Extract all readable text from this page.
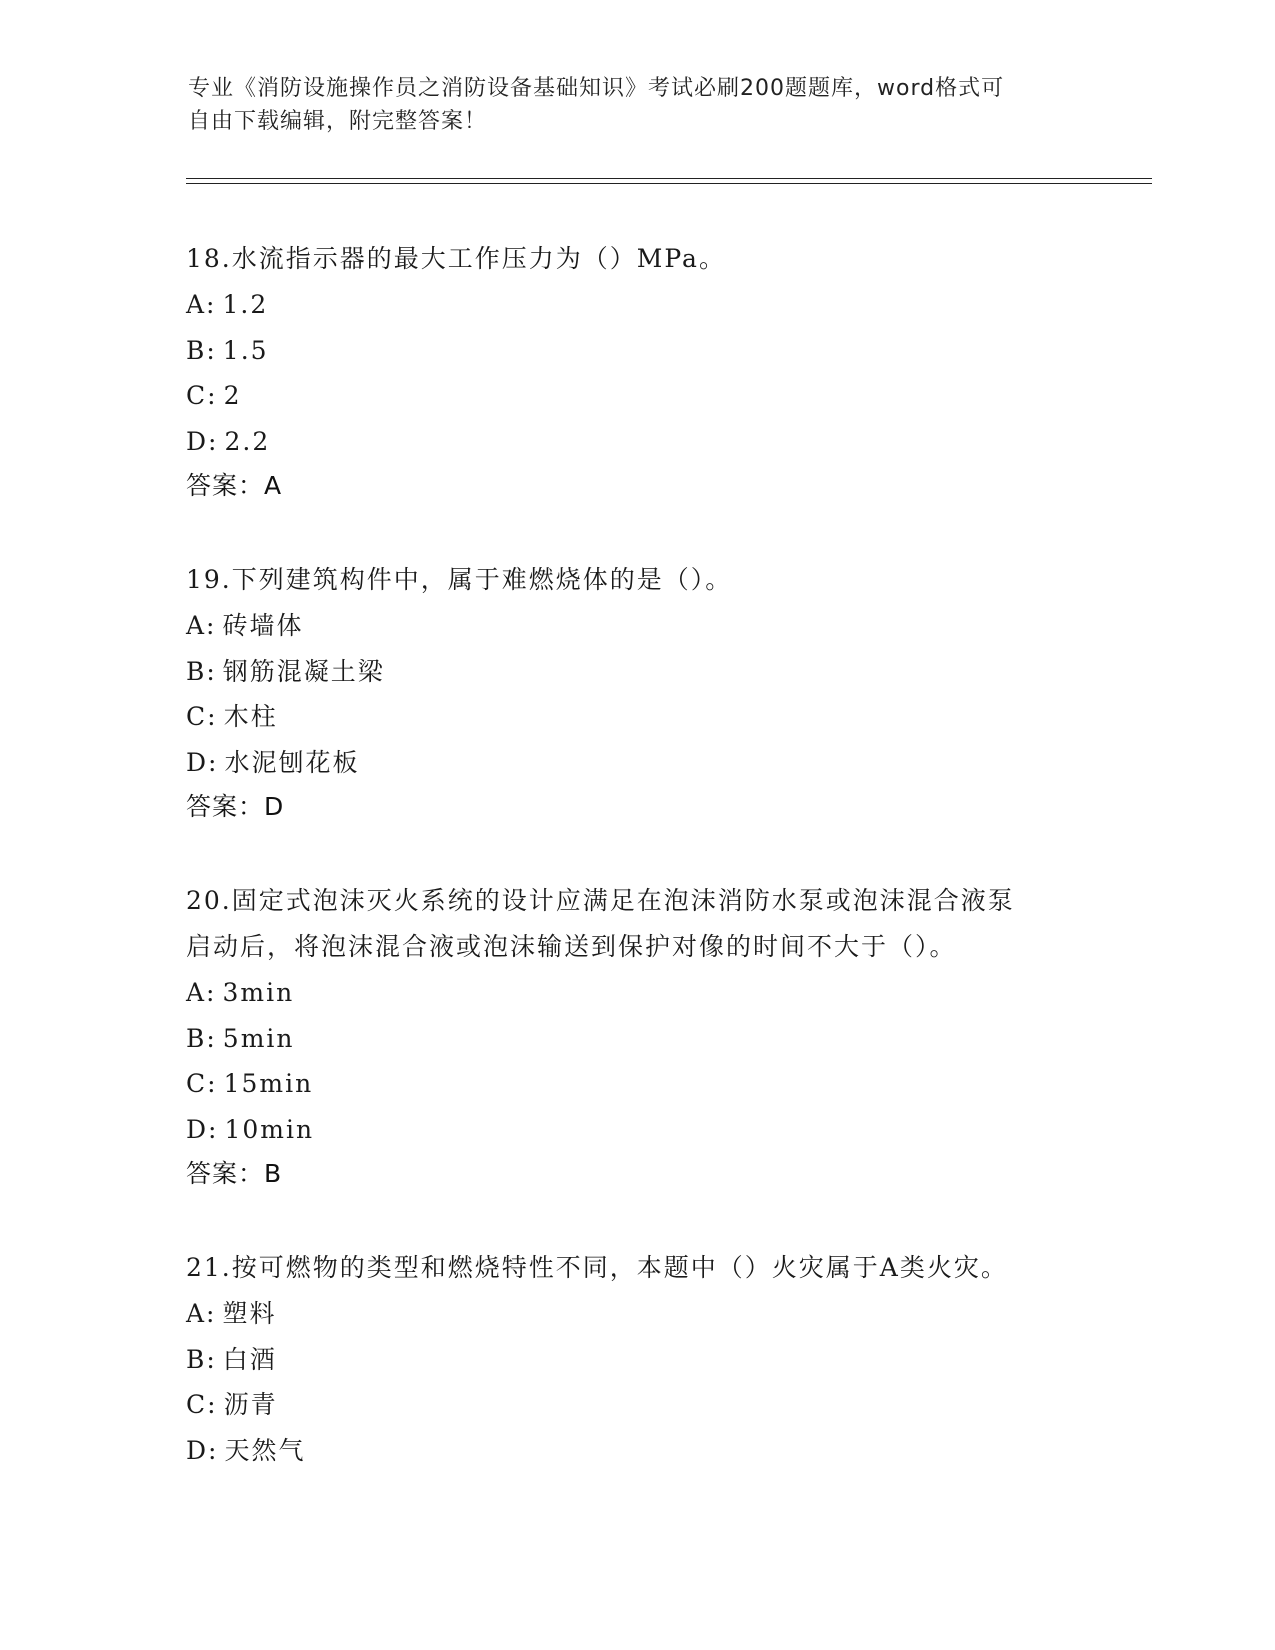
专业《消防设施操作员之消防设备基础知识》考试必刷200题题库，word格式可
自由下载编辑，附完整答案！
18.水流指示器的最大工作压力为（）MPa。
A: 1.2
B: 1.5
C: 2
D: 2.2
答案：A
19.下列建筑构件中，属于难燃烧体的是（）。
A: 砖墙体
B: 钢筋混凝土梁
C: 木柱
D: 水泥刨花板
答案：D
20.固定式泡沫灭火系统的设计应满足在泡沫消防水泵或泡沫混合液泵
启动后，将泡沫混合液或泡沫输送到保护对像的时间不大于（）。
A: 3min
B: 5min
C: 15min
D: 10min
答案：B
21.按可燃物的类型和燃烧特性不同，本题中（）火灾属于A类火灾。
A: 塑料
B: 白酒
C: 沥青
D: 天然气
